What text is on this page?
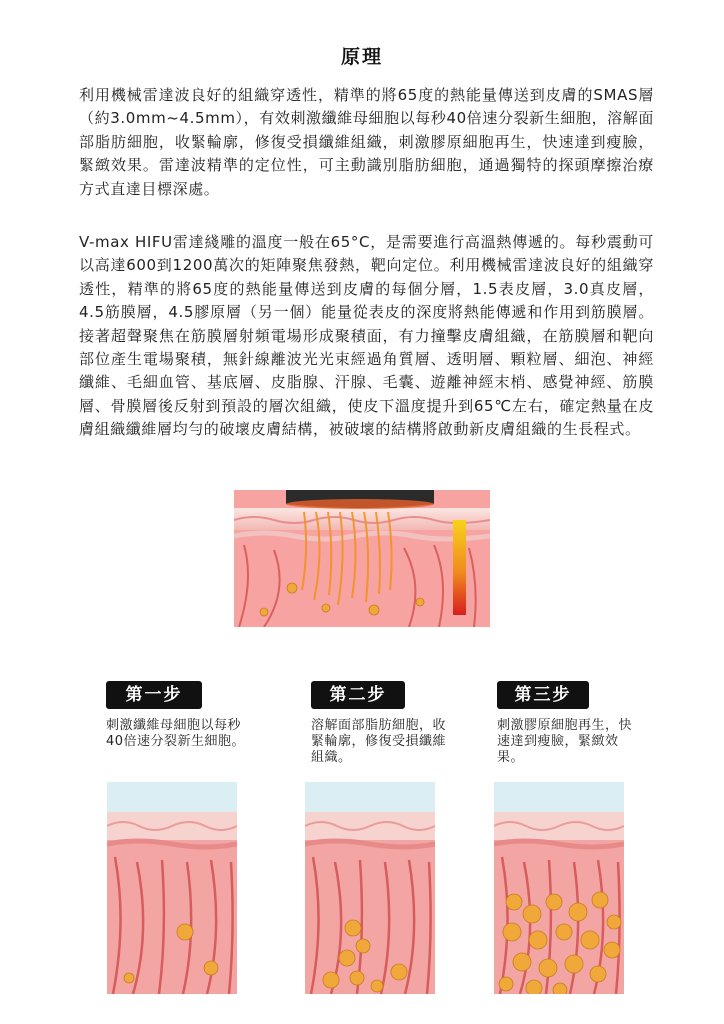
原理

利用機械雷達波良好的組織穿透性，精準的將65度的熱能量傳送到皮膚的SMAS層（約3.0mm~4.5mm），有效刺激纖維母細胞以每秒40倍速分裂新生細胞，溶解面部脂肪細胞，收緊輪廓，修復受損纖維組織，刺激膠原細胞再生，快速達到瘦臉，緊緻效果。雷達波精準的定位性，可主動識別脂肪細胞，通過獨特的探頭摩擦治療方式直達目標深處。

V-max HIFU雷達綫雕的溫度一般在65°C，是需要進行高溫熱傳遞的。每秒震動可以高達600到1200萬次的矩陣聚焦發熱，靶向定位。利用機械雷達波良好的組織穿透性，精準的將65度的熱能量傳送到皮膚的每個分層，1.5表皮層，3.0真皮層，4.5筋膜層，4.5膠原層（另一個）能量從表皮的深度將熱能傳遞和作用到筋膜層。接著超聲聚焦在筋膜層射頻電場形成聚積面，有力撞擊皮膚組織，在筋膜層和靶向部位產生電場聚積，無針線離波光光束經過角質層、透明層、顆粒層、細泡、神經纖維、毛細血管、基底層、皮脂腺、汗腺、毛囊、遊離神經末梢、感覺神經、筋膜層、骨膜層後反射到預設的層次組織，使皮下溫度提升到65℃左右，確定熱量在皮膚組織纖維層均勻的破壞皮膚結構，被破壞的結構將啟動新皮膚組織的生長程式。

第一步	第二步	第三步

刺激纖維母細胞以每秒40倍速分裂新生細胞。

溶解面部脂肪細胞，收緊輪廓，修復受損纖維組織。

刺激膠原細胞再生，快速達到瘦臉，緊緻效果。
